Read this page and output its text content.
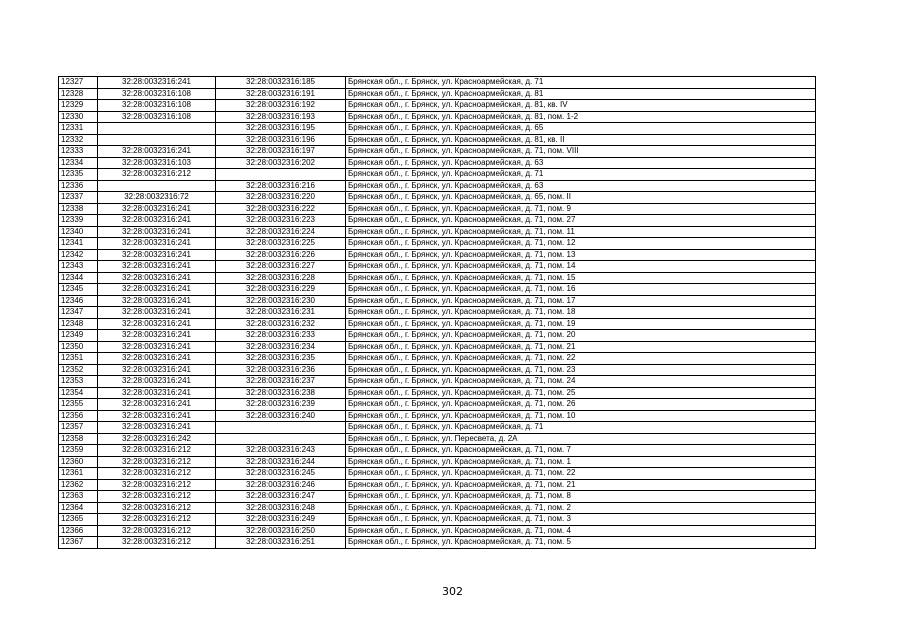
12327	32:28:0032316:241	32:28:0032316:185	Брянская обл., г. Брянск, ул. Красноармейская, д. 71
12328	32:28:0032316:108	32:28:0032316:191	Брянская обл., г. Брянск, ул. Красноармейская, д. 81
12329	32:28:0032316:108	32:28:0032316:192	Брянская обл., г. Брянск, ул. Красноармейская, д. 81, кв. IV
12330	32:28:0032316:108	32:28:0032316:193	Брянская обл., г. Брянск, ул. Красноармейская, д. 81, пом. 1-2
12331		32:28:0032316:195	Брянская обл., г. Брянск, ул. Красноармейская, д. 65
12332		32:28:0032316:196	Брянская обл., г. Брянск, ул. Красноармейская, д. 81, кв. II
12333	32:28:0032316:241	32:28:0032316:197	Брянская обл., г. Брянск, ул. Красноармейская, д. 71, пом. VIII
12334	32:28:0032316:103	32:28:0032316:202	Брянская обл., г. Брянск, ул. Красноармейская, д. 63
12335	32:28:0032316:212		Брянская обл., г. Брянск, ул. Красноармейская, д. 71
12336		32:28:0032316:216	Брянская обл., г. Брянск, ул. Красноармейская, д. 63
12337	32:28:0032316:72	32:28:0032316:220	Брянская обл., г. Брянск, ул. Красноармейская, д. 65, пом. II
12338	32:28:0032316:241	32:28:0032316:222	Брянская обл., г. Брянск, ул. Красноармейская, д. 71, пом. 9
12339	32:28:0032316:241	32:28:0032316:223	Брянская обл., г. Брянск, ул. Красноармейская, д. 71, пом. 27
12340	32:28:0032316:241	32:28:0032316:224	Брянская обл., г. Брянск, ул. Красноармейская, д. 71, пом. 11
12341	32:28:0032316:241	32:28:0032316:225	Брянская обл., г. Брянск, ул. Красноармейская, д. 71, пом. 12
12342	32:28:0032316:241	32:28:0032316:226	Брянская обл., г. Брянск, ул. Красноармейская, д. 71, пом. 13
12343	32:28:0032316:241	32:28:0032316:227	Брянская обл., г. Брянск, ул. Красноармейская, д. 71, пом. 14
12344	32:28:0032316:241	32:28:0032316:228	Брянская обл., г. Брянск, ул. Красноармейская, д. 71, пом. 15
12345	32:28:0032316:241	32:28:0032316:229	Брянская обл., г. Брянск, ул. Красноармейская, д. 71, пом. 16
12346	32:28:0032316:241	32:28:0032316:230	Брянская обл., г. Брянск, ул. Красноармейская, д. 71, пом. 17
12347	32:28:0032316:241	32:28:0032316:231	Брянская обл., г. Брянск, ул. Красноармейская, д. 71, пом. 18
12348	32:28:0032316:241	32:28:0032316:232	Брянская обл., г. Брянск, ул. Красноармейская, д. 71, пом. 19
12349	32:28:0032316:241	32:28:0032316:233	Брянская обл., г. Брянск, ул. Красноармейская, д. 71, пом. 20
12350	32:28:0032316:241	32:28:0032316:234	Брянская обл., г. Брянск, ул. Красноармейская, д. 71, пом. 21
12351	32:28:0032316:241	32:28:0032316:235	Брянская обл., г. Брянск, ул. Красноармейская, д. 71, пом. 22
12352	32:28:0032316:241	32:28:0032316:236	Брянская обл., г. Брянск, ул. Красноармейская, д. 71, пом. 23
12353	32:28:0032316:241	32:28:0032316:237	Брянская обл., г. Брянск, ул. Красноармейская, д. 71, пом. 24
12354	32:28:0032316:241	32:28:0032316:238	Брянская обл., г. Брянск, ул. Красноармейская, д. 71, пом. 25
12355	32:28:0032316:241	32:28:0032316:239	Брянская обл., г. Брянск, ул. Красноармейская, д. 71, пом. 26
12356	32:28:0032316:241	32:28:0032316:240	Брянская обл., г. Брянск, ул. Красноармейская, д. 71, пом. 10
12357	32:28:0032316:241		Брянская обл., г. Брянск, ул. Красноармейская, д. 71
12358	32:28:0032316:242		Брянская обл., г. Брянск, ул. Пересвета, д. 2А
12359	32:28:0032316:212	32:28:0032316:243	Брянская обл., г. Брянск, ул. Красноармейская, д. 71, пом. 7
12360	32:28:0032316:212	32:28:0032316:244	Брянская обл., г. Брянск, ул. Красноармейская, д. 71, пом. 1
12361	32:28:0032316:212	32:28:0032316:245	Брянская обл., г. Брянск, ул. Красноармейская, д. 71, пом. 22
12362	32:28:0032316:212	32:28:0032316:246	Брянская обл., г. Брянск, ул. Красноармейская, д. 71, пом. 21
12363	32:28:0032316:212	32:28:0032316:247	Брянская обл., г. Брянск, ул. Красноармейская, д. 71, пом. 8
12364	32:28:0032316:212	32:28:0032316:248	Брянская обл., г. Брянск, ул. Красноармейская, д. 71, пом. 2
12365	32:28:0032316:212	32:28:0032316:249	Брянская обл., г. Брянск, ул. Красноармейская, д. 71, пом. 3
12366	32:28:0032316:212	32:28:0032316:250	Брянская обл., г. Брянск, ул. Красноармейская, д. 71, пом. 4
12367	32:28:0032316:212	32:28:0032316:251	Брянская обл., г. Брянск, ул. Красноармейская, д. 71, пом. 5
302
